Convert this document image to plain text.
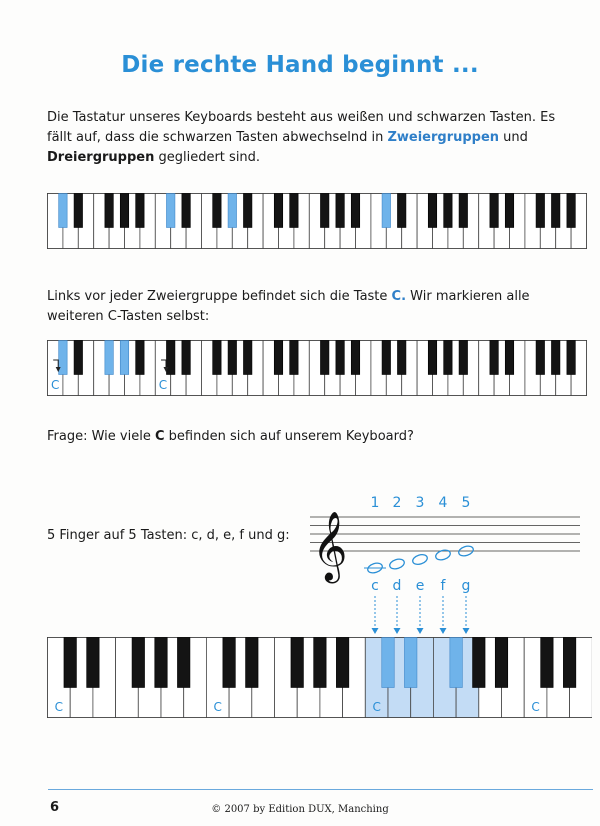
Die rechte Hand beginnt ...
Die Tastatur unseres Keyboards besteht aus weißen und schwarzen Tasten. Es fällt auf, dass die schwarzen Tasten abwechselnd in Zweiergruppen und Dreiergruppen gegliedert sind.
Links vor jeder Zweiergruppe befindet sich die Taste C. Wir markieren alle weiteren C-Tasten selbst:
C	C
Frage: Wie viele C befinden sich auf unserem Keyboard?
5 Finger auf 5 Tasten: c, d, e, f und g: 𝄞
1 2 3 4 5
c d e f g
C	C	C	C
6	© 2007 by Edition DUX, Manching
